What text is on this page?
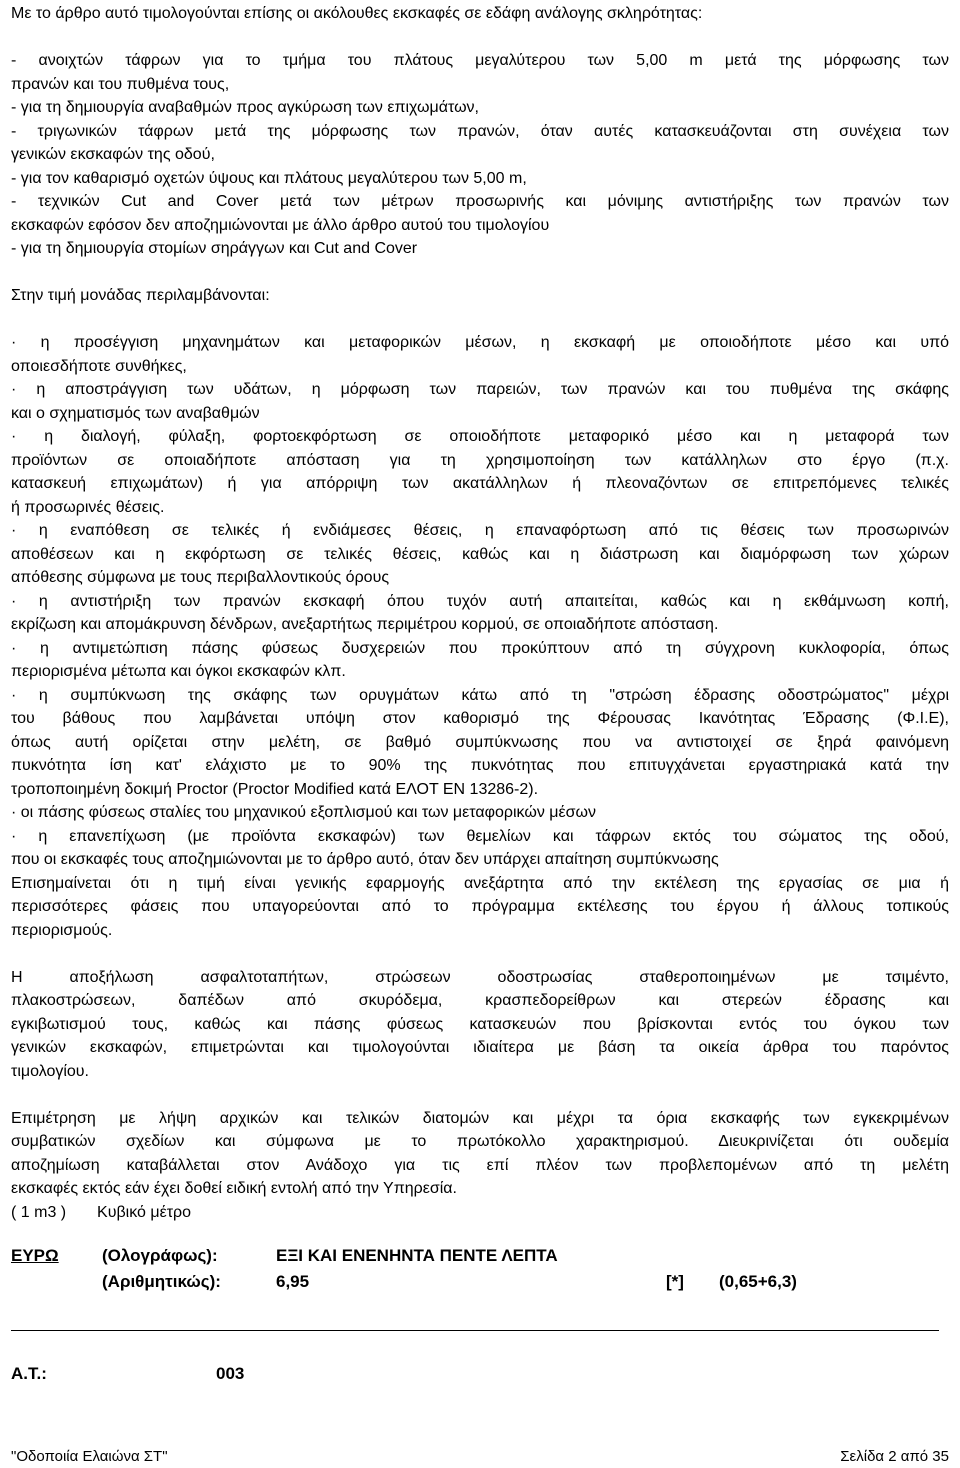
Με το άρθρο αυτό τιμολογούνται επίσης οι ακόλουθες εκσκαφές σε εδάφη ανάλογης σκληρότητας:
- ανοιχτών τάφρων για το τμήμα του πλάτους μεγαλύτερου των 5,00 m μετά της μόρφωσης των
πρανών και του πυθμένα τους,
- για τη δημιουργία αναβαθμών προς αγκύρωση των επιχωμάτων,
- τριγωνικών τάφρων μετά της μόρφωσης των πρανών, όταν αυτές κατασκευάζονται στη συνέχεια των
γενικών εκσκαφών της οδού,
- για τον καθαρισμό οχετών ύψους και πλάτους μεγαλύτερου των 5,00 m,
- τεχνικών Cut and Cover μετά των μέτρων προσωρινής και μόνιμης αντιστήριξης των πρανών των
εκσκαφών εφόσον δεν αποζημιώνονται με άλλο άρθρο αυτού του τιμολογίου
- για τη δημιουργία στομίων σηράγγων και Cut and Cover
Στην τιμή μονάδας περιλαμβάνονται:
· η προσέγγιση μηχανημάτων και μεταφορικών μέσων, η εκσκαφή με οποιοδήποτε μέσο και υπό
οποιεσδήποτε συνθήκες,
· η αποστράγγιση των υδάτων, η μόρφωση των παρειών, των πρανών και του πυθμένα της σκάφης
και ο σχηματισμός των αναβαθμών
· η διαλογή, φύλαξη, φορτοεκφόρτωση σε οποιοδήποτε μεταφορικό μέσο και η μεταφορά των
προϊόντων σε οποιαδήποτε απόσταση για τη χρησιμοποίηση των κατάλληλων στο έργο (π.χ.
κατασκευή επιχωμάτων) ή για απόρριψη των ακατάλληλων ή πλεοναζόντων σε επιτρεπόμενες τελικές
ή προσωρινές θέσεις.
· η εναπόθεση σε τελικές ή ενδιάμεσες θέσεις, η επαναφόρτωση από τις θέσεις των προσωρινών
αποθέσεων και η εκφόρτωση σε τελικές θέσεις, καθώς και η διάστρωση και διαμόρφωση των χώρων
απόθεσης σύμφωνα με τους περιβαλλοντικούς όρους
· η αντιστήριξη των πρανών εκσκαφή όπου τυχόν αυτή απαιτείται, καθώς και η εκθάμνωση κοπή,
εκρίζωση και απομάκρυνση δένδρων, ανεξαρτήτως περιμέτρου κορμού, σε οποιαδήποτε απόσταση.
· η αντιμετώπιση πάσης φύσεως δυσχερειών που προκύπτουν από τη σύγχρονη κυκλοφορία, όπως
περιορισμένα μέτωπα και όγκοι εκσκαφών κλπ.
· η συμπύκνωση της σκάφης των ορυγμάτων κάτω από τη "στρώση έδρασης οδοστρώματος" μέχρι
του βάθους που λαμβάνεται υπόψη στον καθορισμό της Φέρουσας Ικανότητας Έδρασης (Φ.Ι.Ε),
όπως αυτή ορίζεται στην μελέτη, σε βαθμό συμπύκνωσης που να αντιστοιχεί σε ξηρά φαινόμενη
πυκνότητα ίση κατ' ελάχιστο με το 90% της πυκνότητας που επιτυγχάνεται εργαστηριακά κατά την
τροποποιημένη δοκιμή Proctor (Proctor Modified κατά ΕΛΟΤ ΕΝ 13286-2).
· οι πάσης φύσεως σταλίες του μηχανικού εξοπλισμού και των μεταφορικών μέσων
· η επανεπίχωση (με προϊόντα εκσκαφών) των θεμελίων και τάφρων εκτός του σώματος της οδού,
που οι εκσκαφές τους αποζημιώνονται με το άρθρο αυτό, όταν δεν υπάρχει απαίτηση συμπύκνωσης
Επισημαίνεται ότι η τιμή είναι γενικής εφαρμογής ανεξάρτητα από την εκτέλεση της εργασίας σε μια ή
περισσότερες φάσεις που υπαγορεύονται από το πρόγραμμα εκτέλεσης του έργου ή άλλους τοπικούς
περιορισμούς.
Η αποξήλωση ασφαλτοταπήτων, στρώσεων οδοστρωσίας σταθεροποιημένων με τσιμέντο,
πλακοστρώσεων, δαπέδων από σκυρόδεμα, κρασπεδορείθρων και στερεών έδρασης και
εγκιβωτισμού τους, καθώς και πάσης φύσεως κατασκευών που βρίσκονται εντός του όγκου των
γενικών εκσκαφών, επιμετρώνται και τιμολογούνται ιδιαίτερα με βάση τα οικεία άρθρα του παρόντος
τιμολογίου.
Επιμέτρηση με λήψη αρχικών και τελικών διατομών και μέχρι τα όρια εκσκαφής των εγκεκριμένων
συμβατικών σχεδίων και σύμφωνα με το πρωτόκολλο χαρακτηρισμού. Διευκρινίζεται ότι ουδεμία
αποζημίωση καταβάλλεται στον Ανάδοχο για τις επί πλέον των προβλεπομένων από τη μελέτη
εκσκαφές εκτός εάν έχει δοθεί ειδική εντολή από την Υπηρεσία.
( 1 m3 ) Κυβικό μέτρο
ΕΥΡΩ	(Ολογράφως):	ΕΞΙ ΚΑΙ ΕΝΕΝΗΝΤΑ ΠΕΝΤΕ ΛΕΠΤΑ
(Αριθμητικώς):	6,95	[*] (0,65+6,3)
Α.Τ.:	003
"Οδοποιία Ελαιώνα ΣΤ"	Σελίδα 2 από 35
